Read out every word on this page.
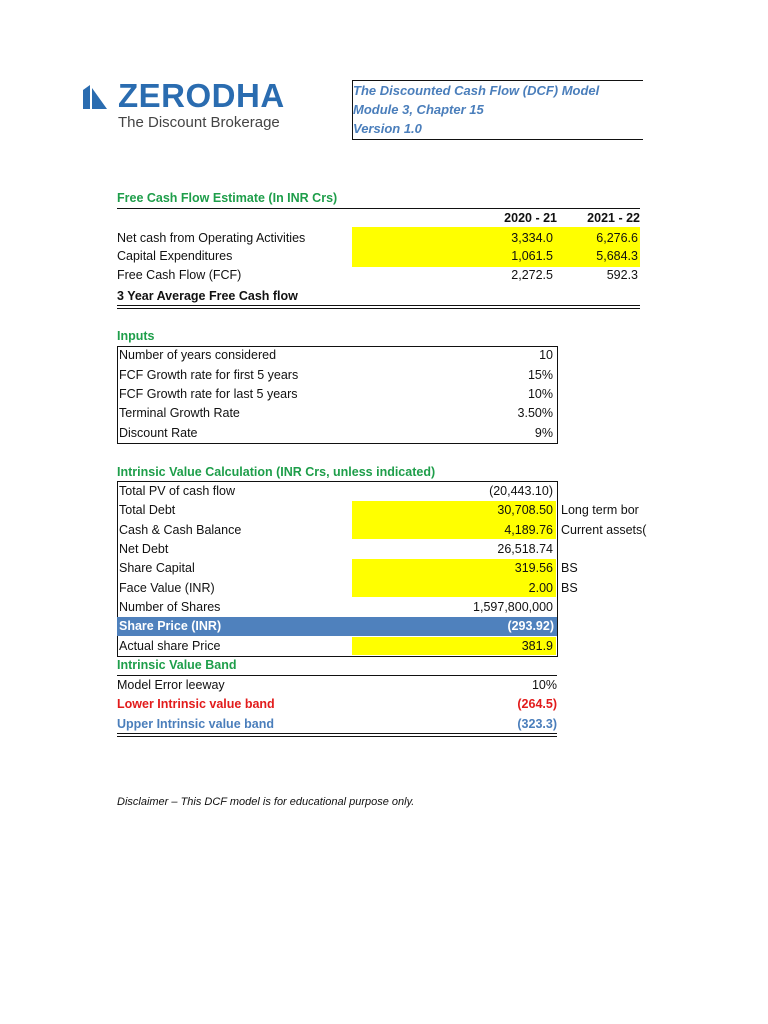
ZERODHA
The Discount Brokerage
The Discounted Cash Flow (DCF) Model
Module 3, Chapter 15
Version 1.0
Free Cash Flow Estimate (In INR Crs)
2020 - 21	2021 - 22
Net cash from Operating Activities	3,334.0	6,276.6
Capital Expenditures	1,061.5	5,684.3
Free Cash Flow (FCF)	2,272.5	592.3
3 Year Average Free Cash flow
Inputs
Number of years considered	10
FCF Growth rate for first 5 years	15%
FCF Growth rate for last 5 years	10%
Terminal Growth Rate	3.50%
Discount Rate	9%
Intrinsic Value Calculation (INR Crs, unless indicated)
Total PV of cash flow	(20,443.10)
Total Debt	30,708.50 Long term bor
Cash & Cash Balance	4,189.76 Current assets(
Net Debt	26,518.74
Share Capital	319.56 BS
Face Value (INR)	2.00 BS
Number of Shares	1,597,800,000
Share Price (INR)	(293.92)
Actual share Price	381.9
Intrinsic Value Band
Model Error leeway	10%
Lower Intrinsic value band	(264.5)
Upper Intrinsic value band	(323.3)
Disclaimer – This DCF model is for educational purpose only.
